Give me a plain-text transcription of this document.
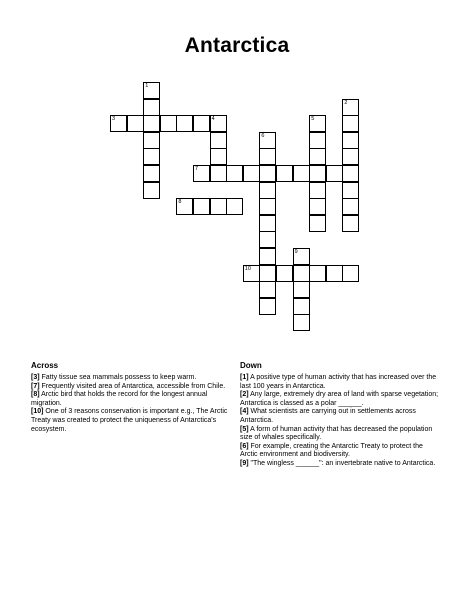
Antarctica
1
2
3	4	5
6
7
8
9
10
Across

[3] Fatty tissue sea mammals possess to keep warm.

[7] Frequently visited area of Antarctica, accessible from Chile.

[8] Arctic bird that holds the record for the longest annual migration.

[10] One of 3 reasons conservation is important e.g., The Arctic Treaty was created to protect the uniqueness of Antarctica's ecosystem.

Down

[1] A positive type of human activity that has increased over the last 100 years in Antarctica.

[2] Any large, extremely dry area of land with sparse vegetation; Antarctica is classed as a polar ______.

[4] What scientists are carrying out in settlements across Antarctica.

[5] A form of human activity that has decreased the population size of whales specifically.

[6] For example, creating the Antarctic Treaty to protect the Arctic environment and biodiversity.

[9] "The wingless ______": an invertebrate native to Antarctica.
